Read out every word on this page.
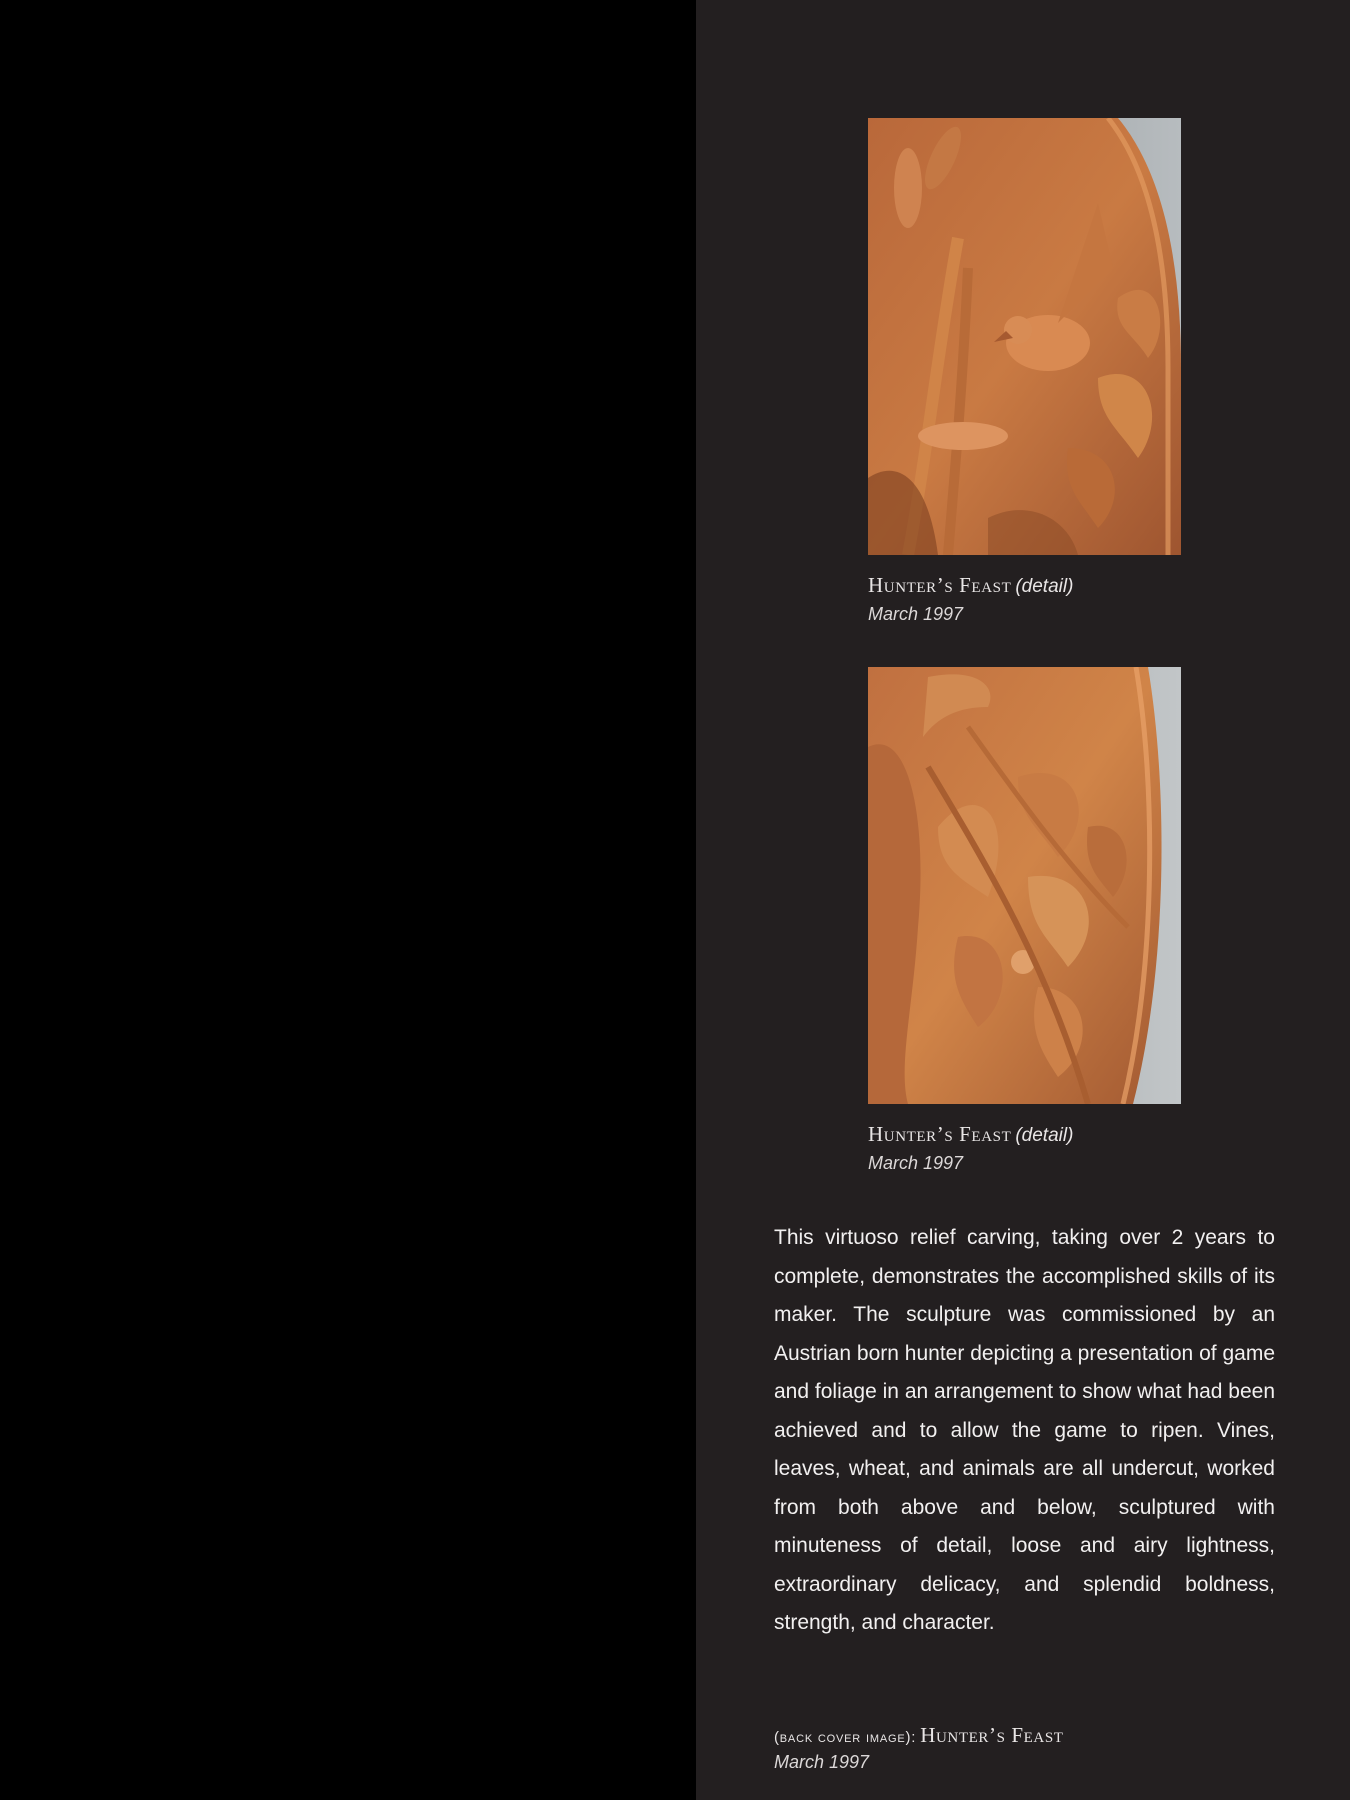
Hunter’s Feast (detail)
March 1997
Hunter’s Feast (detail)
March 1997

This virtuoso relief carving, taking over 2 years to complete, demonstrates the accomplished skills of its maker. The sculpture was commissioned by an Austrian born hunter depicting a presentation of game and foliage in an arrangement to show what had been achieved and to allow the game to ripen. Vines, leaves, wheat, and animals are all undercut, worked from both above and below, sculptured with minuteness of detail, loose and airy lightness, extraordinary delicacy, and splendid boldness, strength, and character.

(back cover image): Hunter’s Feast
March 1997
